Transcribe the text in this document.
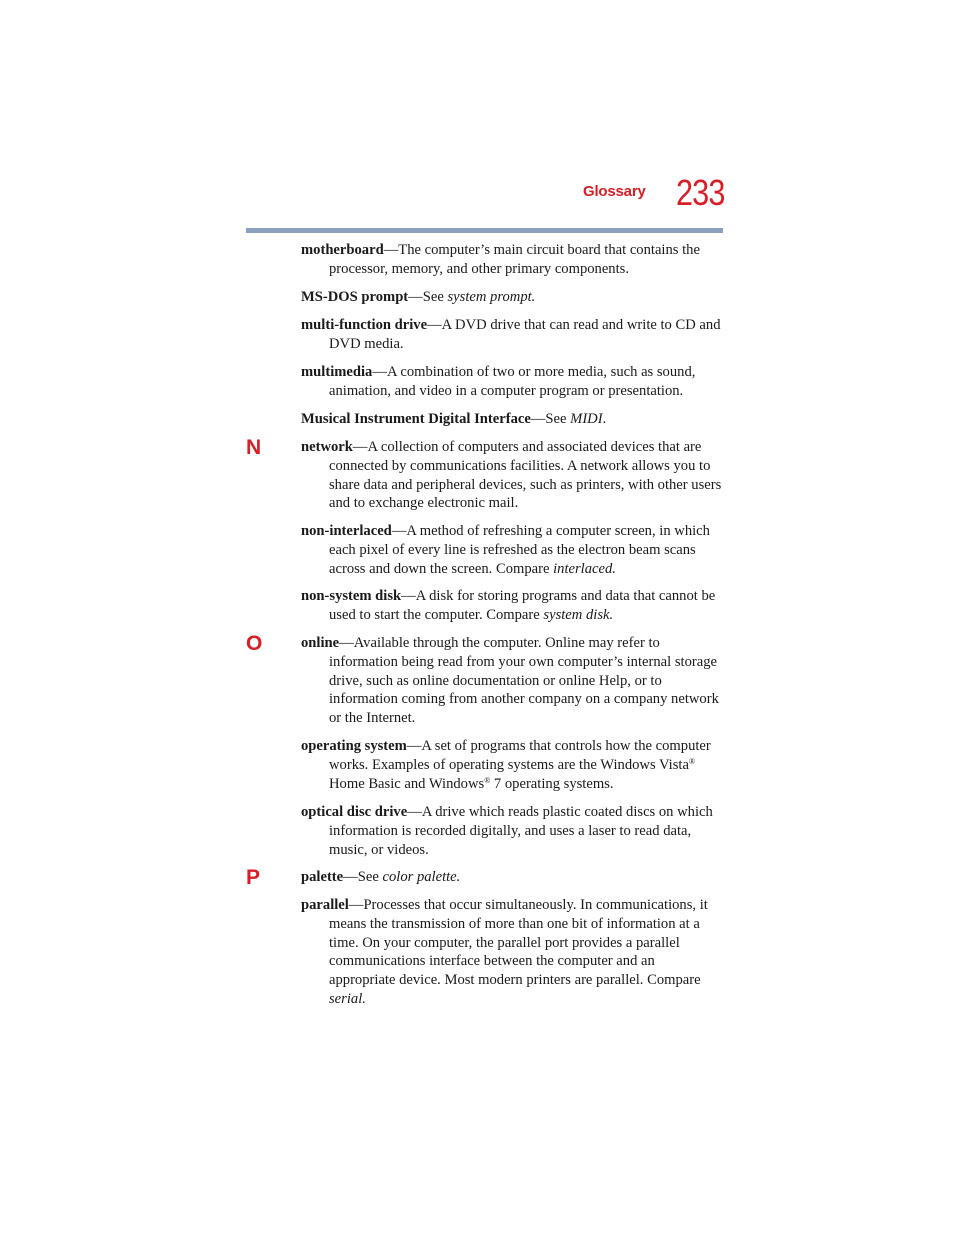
Glossary 233
N
O
P
motherboard—The computer’s main circuit board that contains the processor, memory, and other primary components.
MS-DOS prompt—See system prompt.
multi-function drive—A DVD drive that can read and write to CD and DVD media.
multimedia—A combination of two or more media, such as sound, animation, and video in a computer program or presentation.
Musical Instrument Digital Interface—See MIDI.
network—A collection of computers and associated devices that are connected by communications facilities. A network allows you to share data and peripheral devices, such as printers, with other users and to exchange electronic mail.
non-interlaced—A method of refreshing a computer screen, in which each pixel of every line is refreshed as the electron beam scans across and down the screen. Compare interlaced.
non-system disk—A disk for storing programs and data that cannot be used to start the computer. Compare system disk.
online—Available through the computer. Online may refer to information being read from your own computer’s internal storage drive, such as online documentation or online Help, or to information coming from another company on a company network or the Internet.
operating system—A set of programs that controls how the computer works. Examples of operating systems are the Windows Vista® Home Basic and Windows® 7 operating systems.
optical disc drive—A drive which reads plastic coated discs on which information is recorded digitally, and uses a laser to read data, music, or videos.
palette—See color palette.
parallel—Processes that occur simultaneously. In communications, it means the transmission of more than one bit of information at a time. On your computer, the parallel port provides a parallel communications interface between the computer and an appropriate device. Most modern printers are parallel. Compare serial.
